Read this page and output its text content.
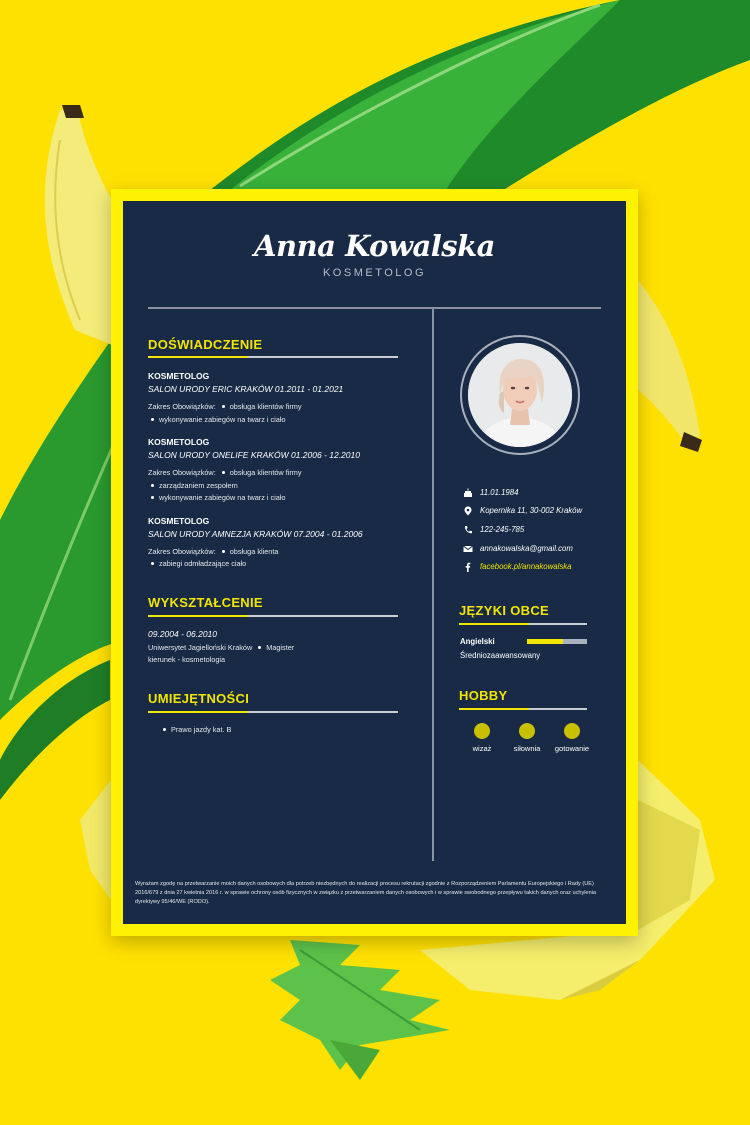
Anna Kowalska
KOSMETOLOG
DOŚWIADCZENIE
KOSMETOLOG
SALON URODY ERIC KRAKÓW 01.2011 - 01.2021
Zakres Obowiązków: obsługa klientów firmy
wykonywanie zabiegów na twarz i ciało
KOSMETOLOG
SALON URODY ONELIFE KRAKÓW 01.2006 - 12.2010
Zakres Obowiązków: obsługa klientów firmy
zarządzaniem zespołem
wykonywanie zabiegów na twarz i ciało
KOSMETOLOG
SALON URODY AMNEZJA KRAKÓW 07.2004 - 01.2006
Zakres Obowiązków: obsługa klienta
zabiegi odmładzające ciało
WYKSZTAŁCENIE
09.2004 - 06.2010
Uniwersytet Jagielloński Kraków Magister
kierunek - kosmetologia
UMIEJĘTNOŚCI
Prawo jazdy kat. B
11.01.1984
Kopernika 11, 30-002 Kraków
122-245-785
annakowalska@gmail.com
facebook.pl/annakowalska
JĘZYKI OBCE
Angielski
Średniozaawansowany
HOBBY
wizaż	siłownia	gotowanie
Wyrażam zgodę na przetwarzanie moich danych osobowych dla potrzeb niezbędnych do realizacji procesu rekrutacji zgodnie z Rozporządzeniem Parlamentu Europejskiego i Rady (UE) 2016/679 z dnia 27 kwietnia 2016 r. w sprawie ochrony osób fizycznych w związku z przetwarzaniem danych osobowych i w sprawie swobodnego przepływu takich danych oraz uchylenia dyrektywy 95/46/WE (RODO).
